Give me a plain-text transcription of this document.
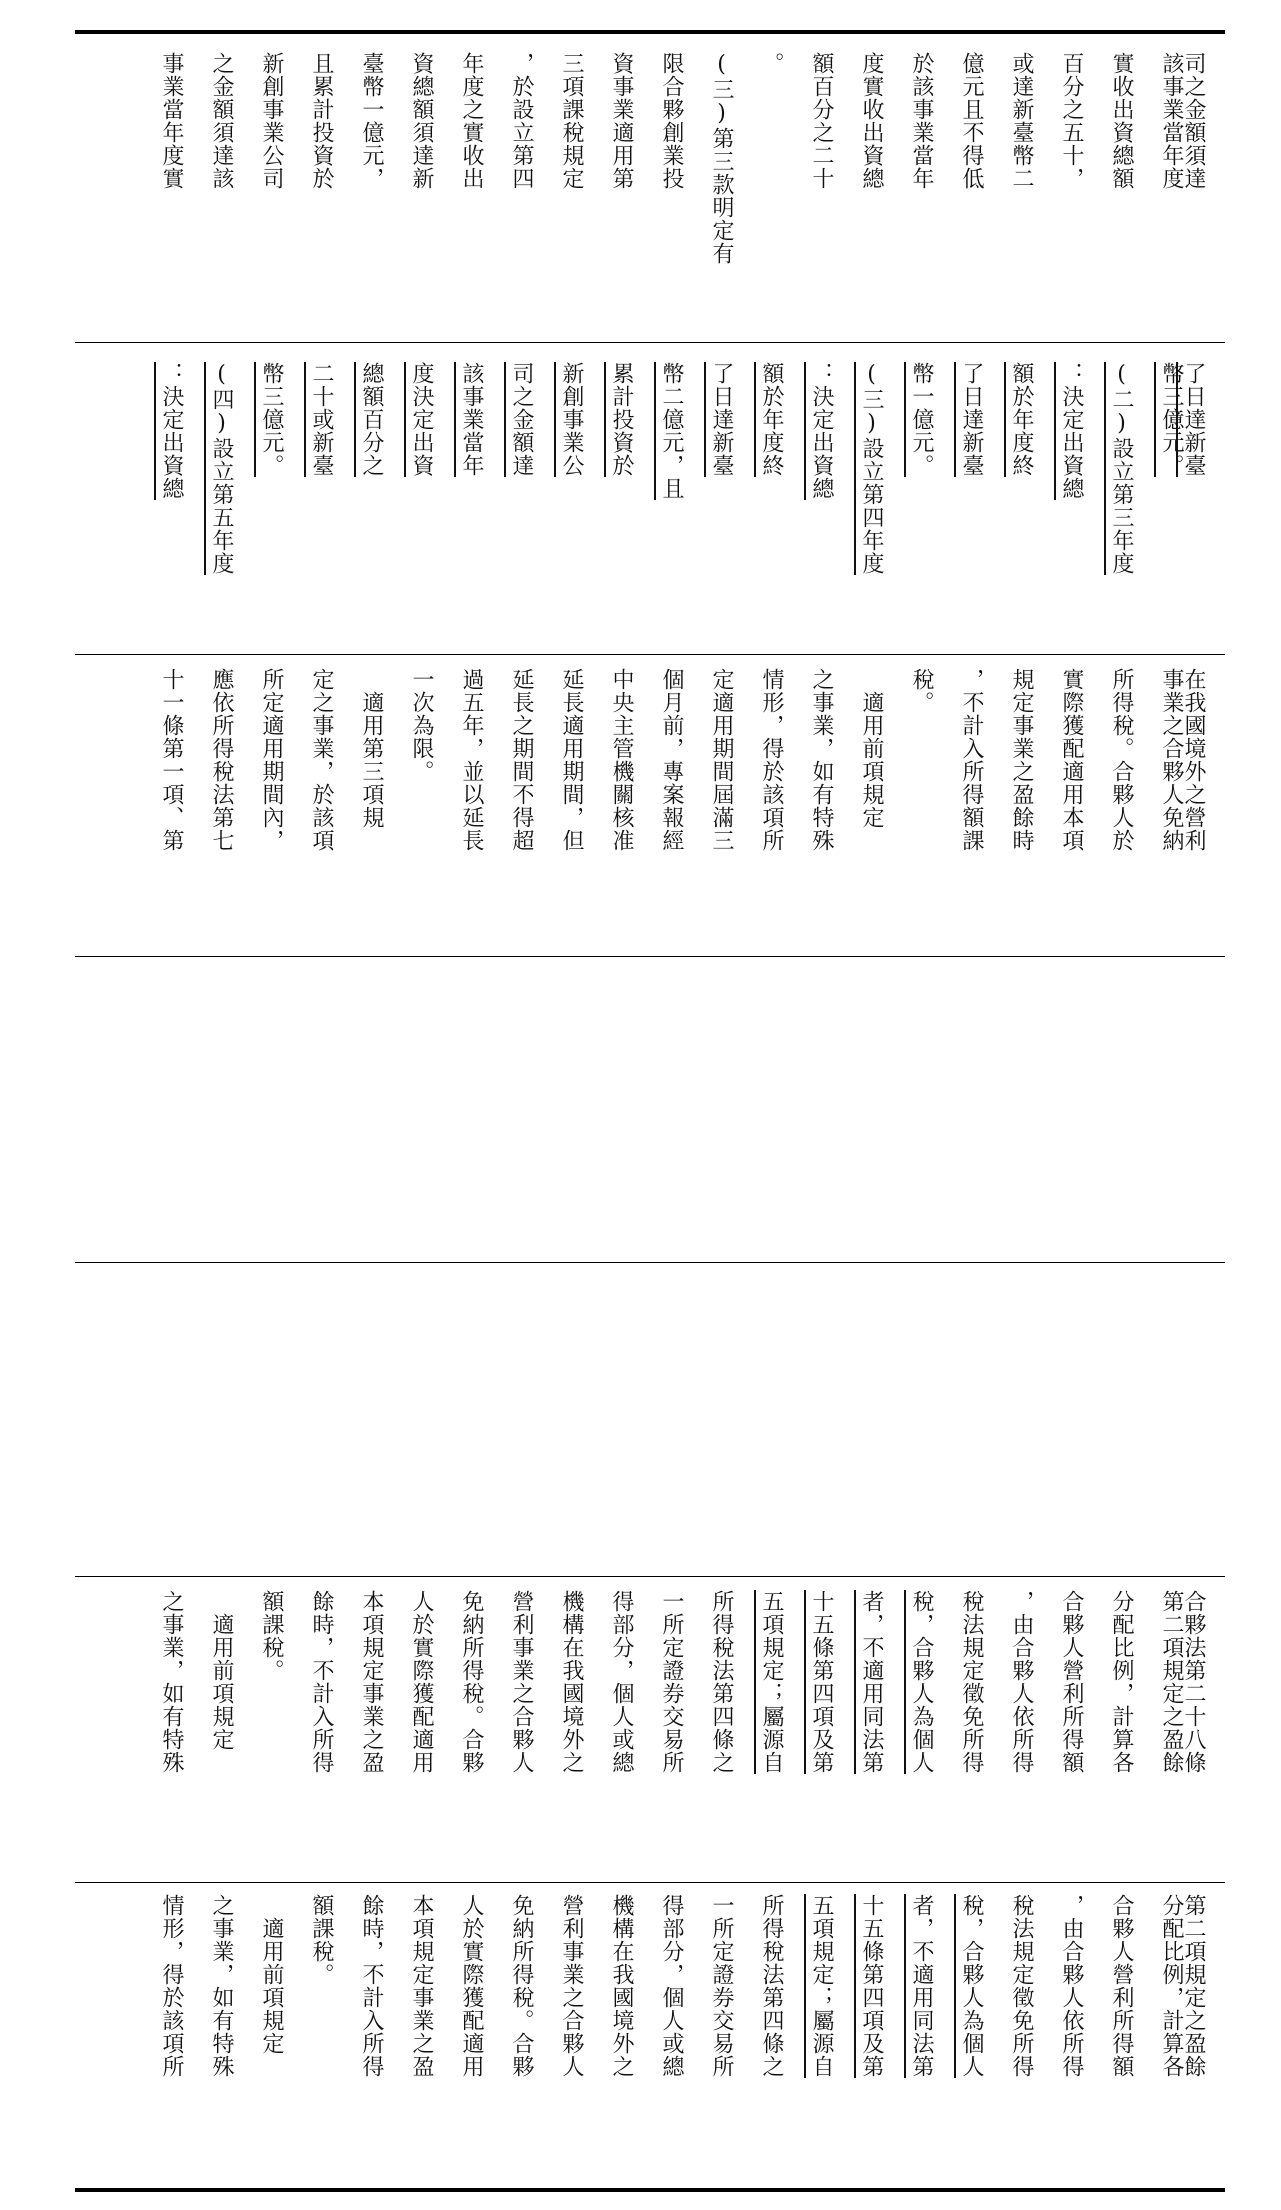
司之金額須達
該事業當年度
實收出資總額
百分之五十，
或達新臺幣二
億元且不得低
於該事業當年
度實收出資總
額百分之二十
。
(三)第三款明定有
限合夥創業投
資事業適用第
三項課稅規定
，於設立第四
年度之實收出
資總額須達新
臺幣一億元，
且累計投資於
新創事業公司
之金額須達該
事業當年度實
了日達新臺
幣三億元。
(二)設立第三年度
：決定出資總
額於年度終
了日達新臺
幣一億元。
(三)設立第四年度
：決定出資總
額於年度終
了日達新臺
幣二億元，且
累計投資於
新創事業公
司之金額達
該事業當年
度決定出資
總額百分之
二十或新臺
幣三億元。
(四)設立第五年度
：決定出資總
在我國境外之營利
事業之合夥人免納
所得稅。合夥人於
實際獲配適用本項
規定事業之盈餘時
，不計入所得額課
稅。
　適用前項規定
之事業，如有特殊
情形，得於該項所
定適用期間屆滿三
個月前，專案報經
中央主管機關核准
延長適用期間，但
延長之期間不得超
過五年，並以延長
一次為限。
　適用第三項規
定之事業，於該項
所定適用期間內，
應依所得稅法第七
十一條第一項、第
合夥法第二十八條
第二項規定之盈餘
分配比例，計算各
合夥人營利所得額
，由合夥人依所得
稅法規定徵免所得
稅，合夥人為個人
者，不適用同法第
十五條第四項及第
五項規定；屬源自
所得稅法第四條之
一所定證券交易所
得部分，個人或總
機構在我國境外之
營利事業之合夥人
免納所得稅。合夥
人於實際獲配適用
本項規定事業之盈
餘時，不計入所得
額課稅。
　適用前項規定
之事業，如有特殊
第二項規定之盈餘
分配比例，計算各
合夥人營利所得額
，由合夥人依所得
稅法規定徵免所得
稅，合夥人為個人
者，不適用同法第
十五條第四項及第
五項規定；屬源自
所得稅法第四條之
一所定證券交易所
得部分，個人或總
機構在我國境外之
營利事業之合夥人
免納所得稅。合夥
人於實際獲配適用
本項規定事業之盈
餘時，不計入所得
額課稅。
　適用前項規定
之事業，如有特殊
情形，得於該項所
